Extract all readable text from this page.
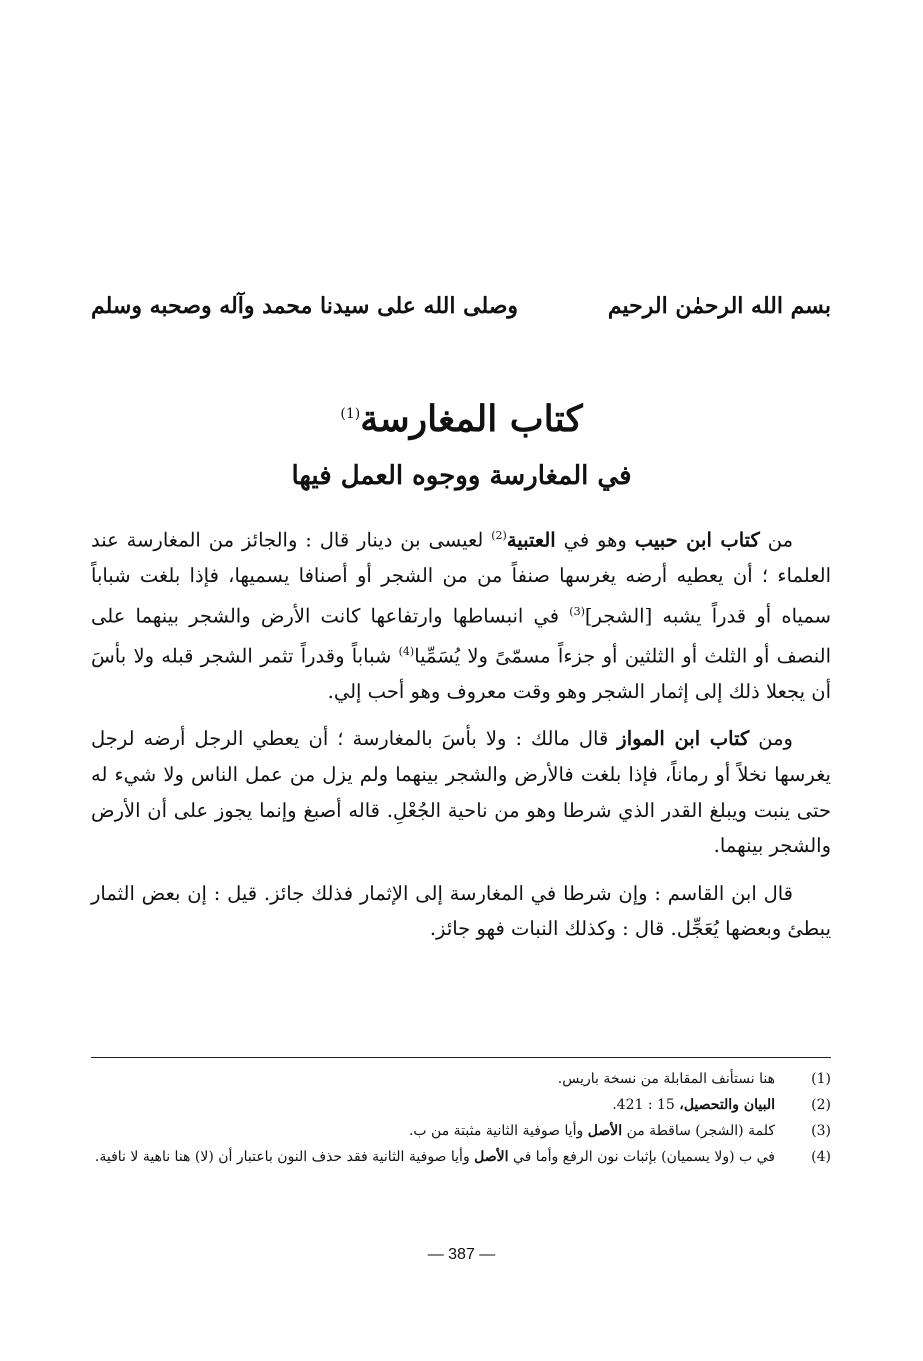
بسم الله الرحمٰن الرحيم
وصلى الله على سيدنا محمد وآله وصحبه وسلم
كتاب المغارسة$^{(1)}$
في المغارسة ووجوه العمل فيها

من كتاب ابن حبيب وهو في العتبية$^{(2)}$ لعيسى بن دينار قال : والجائز من المغارسة عند العلماء ؛ أن يعطيه أرضه يغرسها صنفاً من من الشجر أو أصنافا يسميها، فإذا بلغت شباباً سمياه أو قدراً يشبه [الشجر]$^{(3)}$ في انبساطها وارتفاعها كانت الأرض والشجر بينهما على النصف أو الثلث أو الثلثين أو جزءاً مسمّىً ولا يُسَمِّيا$^{(4)}$ شباباً وقدراً تثمر الشجر قبله ولا بأسَ أن يجعلا ذلك إلى إثمار الشجر وهو وقت معروف وهو أحب إلي.

ومن كتاب ابن المواز قال مالك : ولا بأسَ بالمغارسة ؛ أن يعطي الرجل أرضه لرجل يغرسها نخلاً أو رماناً، فإذا بلغت فالأرض والشجر بينهما ولم يزل من عمل الناس ولا شيء له حتى ينبت ويبلغ القدر الذي شرطا وهو من ناحية الجُعْلِ. قاله أصبغ وإنما يجوز على أن الأرض والشجر بينهما.

قال ابن القاسم : وإن شرطا في المغارسة إلى الإثمار فذلك جائز. قيل : إن بعض الثمار يبطئ وبعضها يُعَجِّل. قال : وكذلك النبات فهو جائز.

(1)
هنا نستأنف المقابلة من نسخة باريس.
(2)
البيان والتحصيل، 15 : 421.
(3)
كلمة (الشجر) ساقطة من الأصل وأيا صوفية الثانية مثبتة من ب.
(4)
في ب (ولا يسميان) بإثبات نون الرفع وأما في الأصل وأيا صوفية الثانية فقد حذف النون باعتبار أن (لا) هنا ناهية لا نافية.
— 387 —
